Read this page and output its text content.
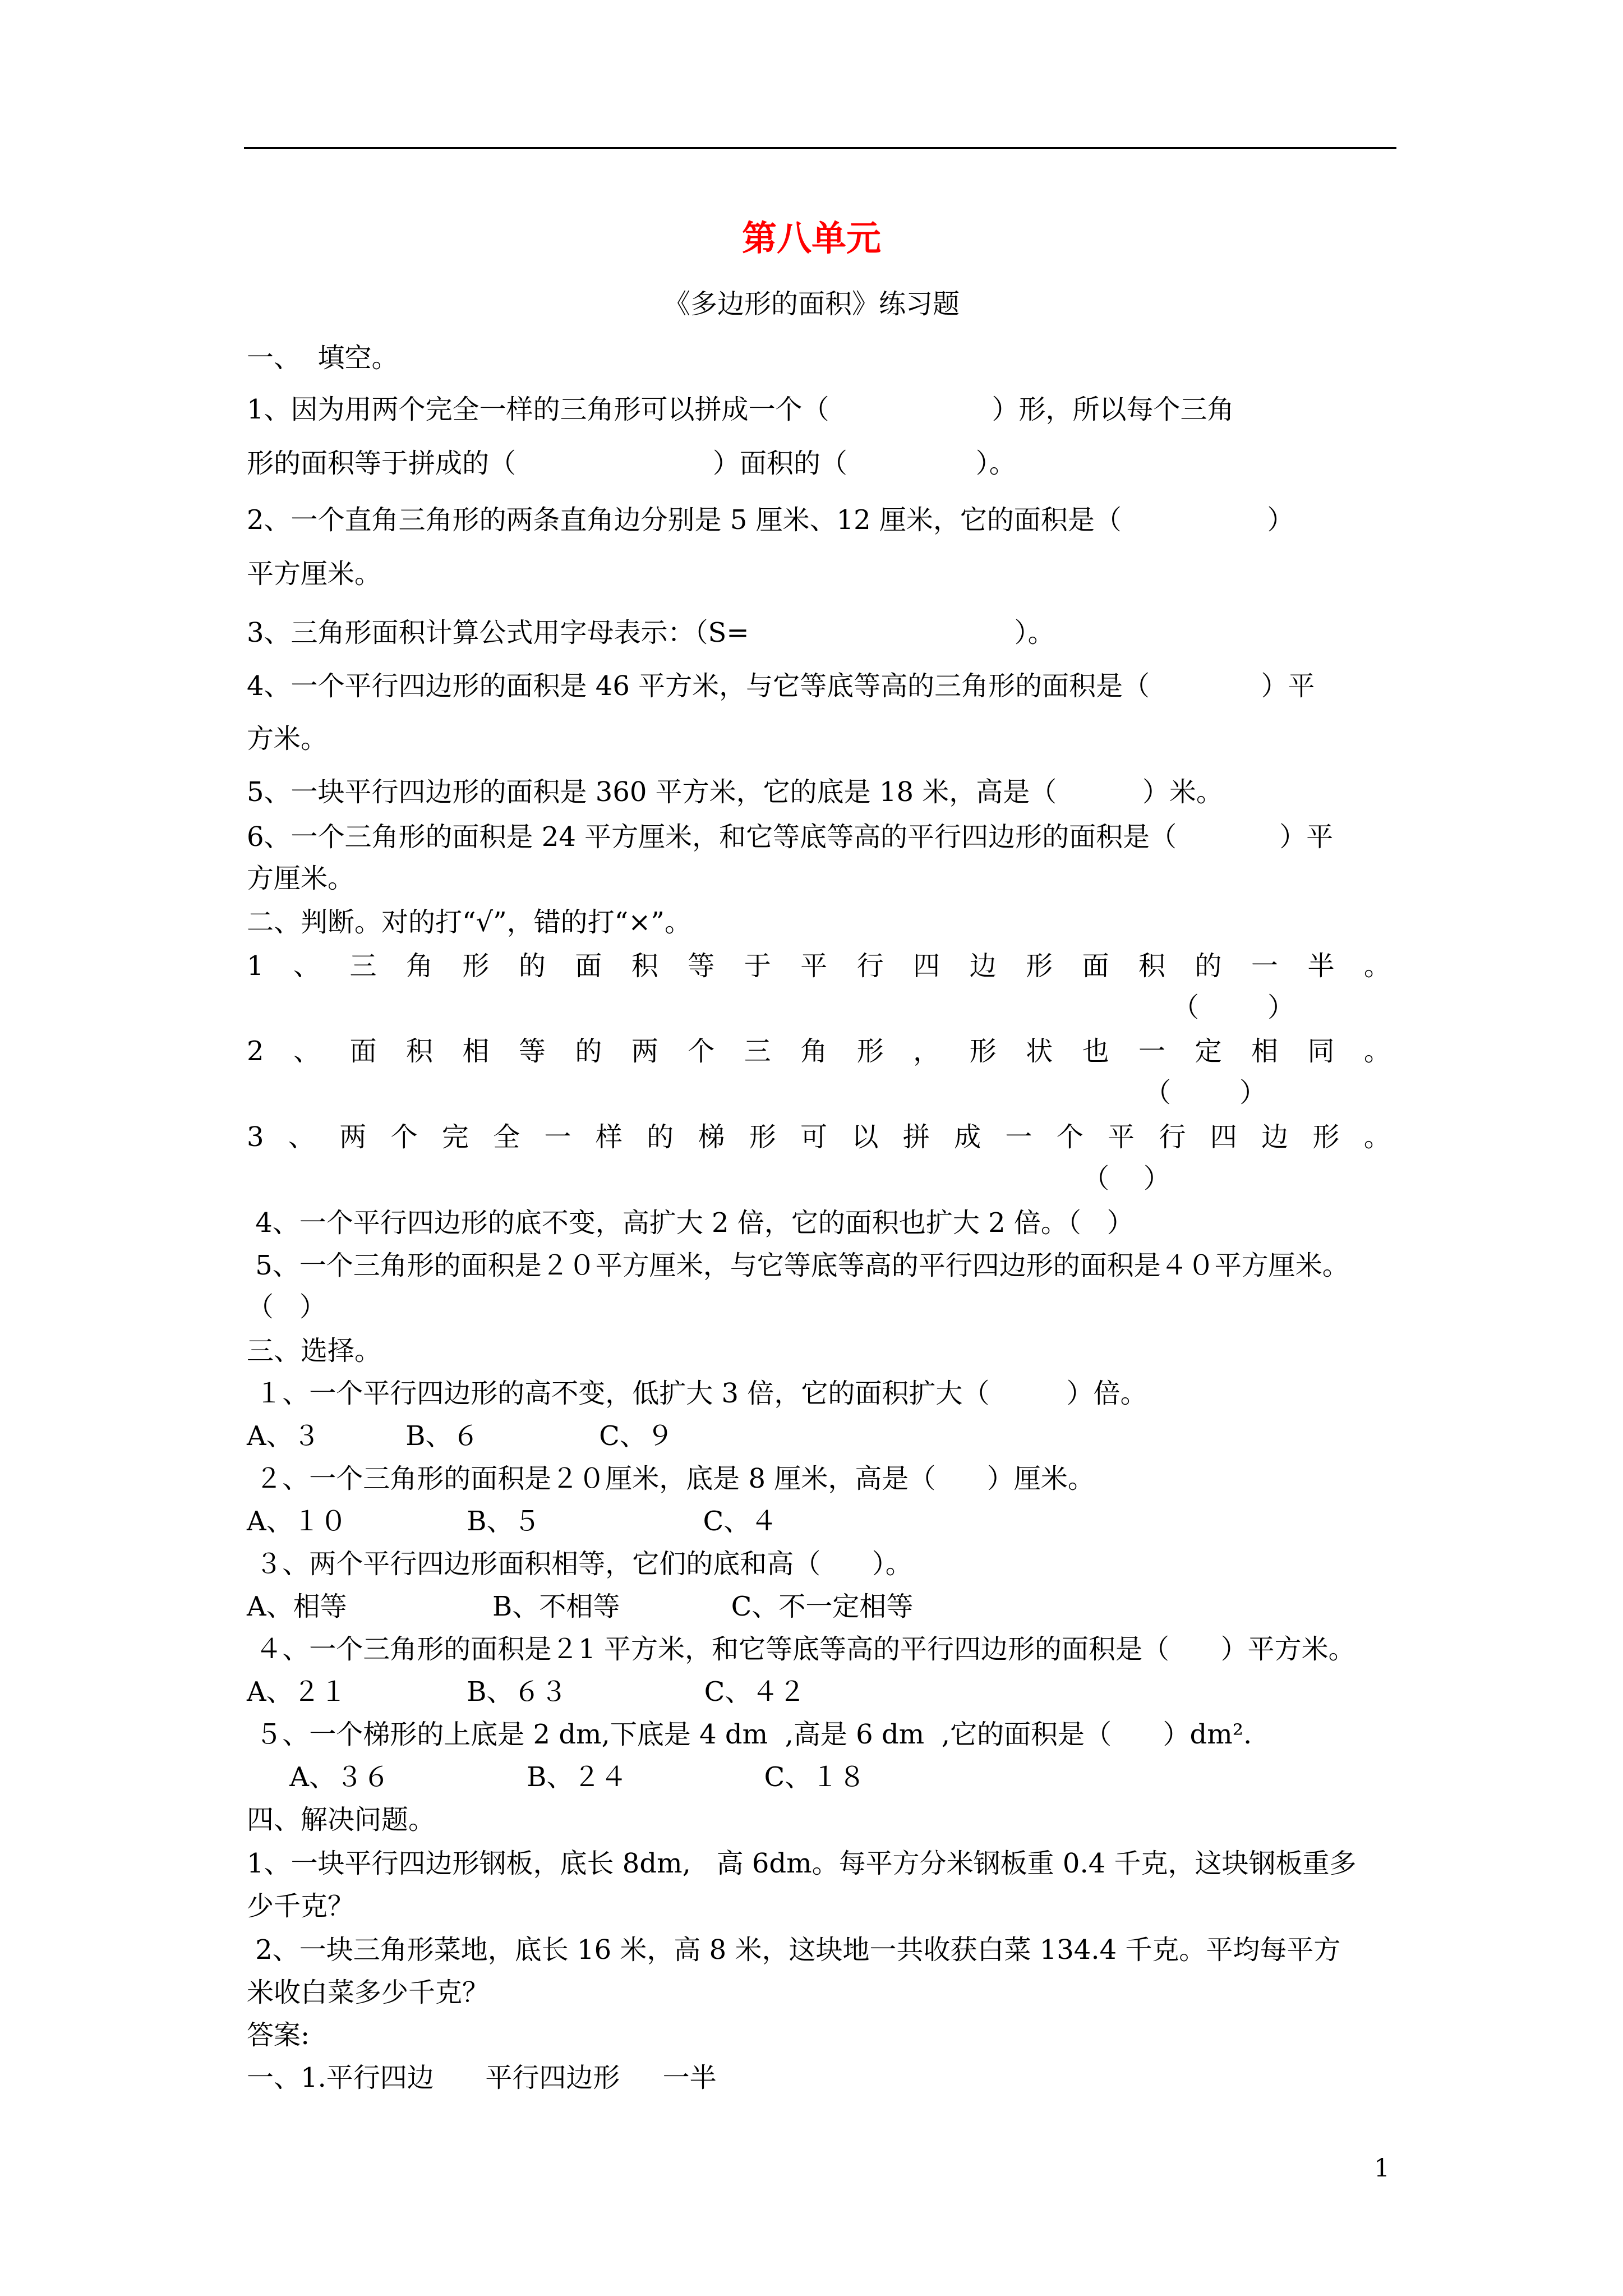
第八单元
《多边形的面积》练习题
一、  填空。
1、因为用两个完全一样的三角形可以拼成一个（                   ）形，所以每个三角
形的面积等于拼成的（                       ）面积的（               ）。
2、一个直角三角形的两条直角边分别是 5 厘米、12 厘米，它的面积是（                 ）
平方厘米。
3、三角形面积计算公式用字母表示：（S=                               ）。
4、一个平行四边形的面积是 46 平方米，与它等底等高的三角形的面积是（             ）平
方米。
5、一块平行四边形的面积是 360 平方米，它的底是 18 米，高是（          ）米。
6、一个三角形的面积是 24 平方厘米，和它等底等高的平行四边形的面积是（            ）平
方厘米。
二、判断。对的打“√”，错的打“×”。
1 、 三 角 形 的 面 积 等 于 平 行 四 边 形 面 积 的 一 半 。
（        ）
2 、 面 积 相 等 的 两 个 三 角 形 ， 形 状 也 一 定 相 同 。
（        ）
3 、 两 个 完 全 一 样 的 梯 形 可 以 拼 成 一 个 平 行 四 边 形 。
（    ）
4、一个平行四边形的底不变，高扩大 2 倍，它的面积也扩大 2 倍。（   ）
5、一个三角形的面积是２０平方厘米，与它等底等高的平行四边形的面积是４０平方厘米。
（   ）
三、选择。
１、一个平行四边形的高不变，低扩大 3 倍，它的面积扩大（         ）倍。
A、３          B、６              C、９
２、一个三角形的面积是２０厘米，底是 8 厘米，高是（      ）厘米。
A、１０              B、５                   C、４
３、两个平行四边形面积相等，它们的底和高（      ）。
A、相等                 B、不相等             C、不一定相等
４、一个三角形的面积是２1 平方米，和它等底等高的平行四边形的面积是（      ）平方米。
A、２１              B、６３                C、４２
５、一个梯形的上底是 2 dm,下底是 4 dm  ,高是 6 dm  ,它的面积是（      ）dm².
A、３６                B、２４                C、１８
四、解决问题。
1、一块平行四边形钢板，底长 8dm,   高 6dm。每平方分米钢板重 0.4 千克，这块钢板重多
少千克？
2、一块三角形菜地，底长 16 米，高 8 米，这块地一共收获白菜 134.4 千克。平均每平方
米收白菜多少千克？
答案:
一、1.平行四边      平行四边形     一半
1
